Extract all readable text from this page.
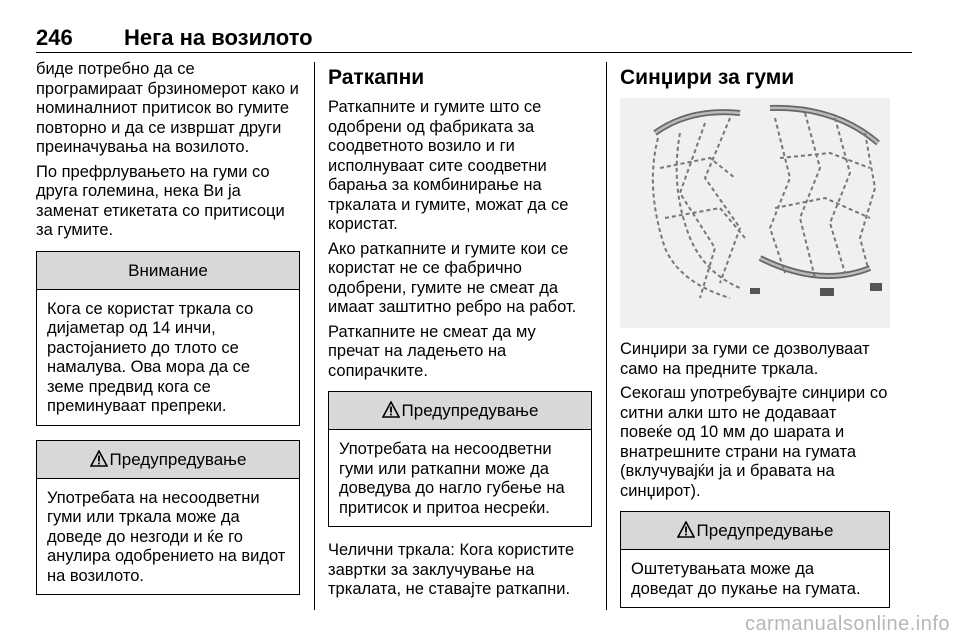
246 Нега на возилото

биде потребно да се програмираат брзиномерот како и номиналниот притисок во гумите повторно и да се извршат други преиначувања на возилото.

По префрлувањето на гуми со друга големина, нека Ви ја заменат етикетата со притисоци за гумите.

Внимание

Кога се користат тркала со дијаметар од 14 инчи, растојанието до тлото се намалува. Ова мора да се земе предвид кога се преминуваат препреки.

Предупредување

Употребата на несоодветни гуми или тркала може да доведе до незгоди и ќе го анулира одобрението на видот на возилото.

Раткапни

Раткапните и гумите што се одобрени од фабриката за соодветното возило и ги исполнуваат сите соодветни барања за комбинирање на тркалата и гумите, можат да се користат.

Ако раткапните и гумите кои се користат не се фабрично одобрени, гумите не смеат да имаат заштитно ребро на работ.

Раткапните не смеат да му пречат на ладењето на сопирачките.

Предупредување

Употребата на несоодветни гуми или раткапни може да доведува до нагло губење на притисок и притоа несреќи.

Челични тркала: Кога користите завртки за заклучување на тркалата, не ставајте раткапни.

Синџири за гуми

Синџири за гуми се дозволуваат само на предните тркала.

Секогаш употребувајте синџири со ситни алки што не додаваат повеќе од 10 мм до шарата и внатрешните страни на гумата (вклучувајќи ја и бравата на синџирот).

Предупредување

Оштетувањата може да доведат до пукање на гумата.

carmanualsonline.info
